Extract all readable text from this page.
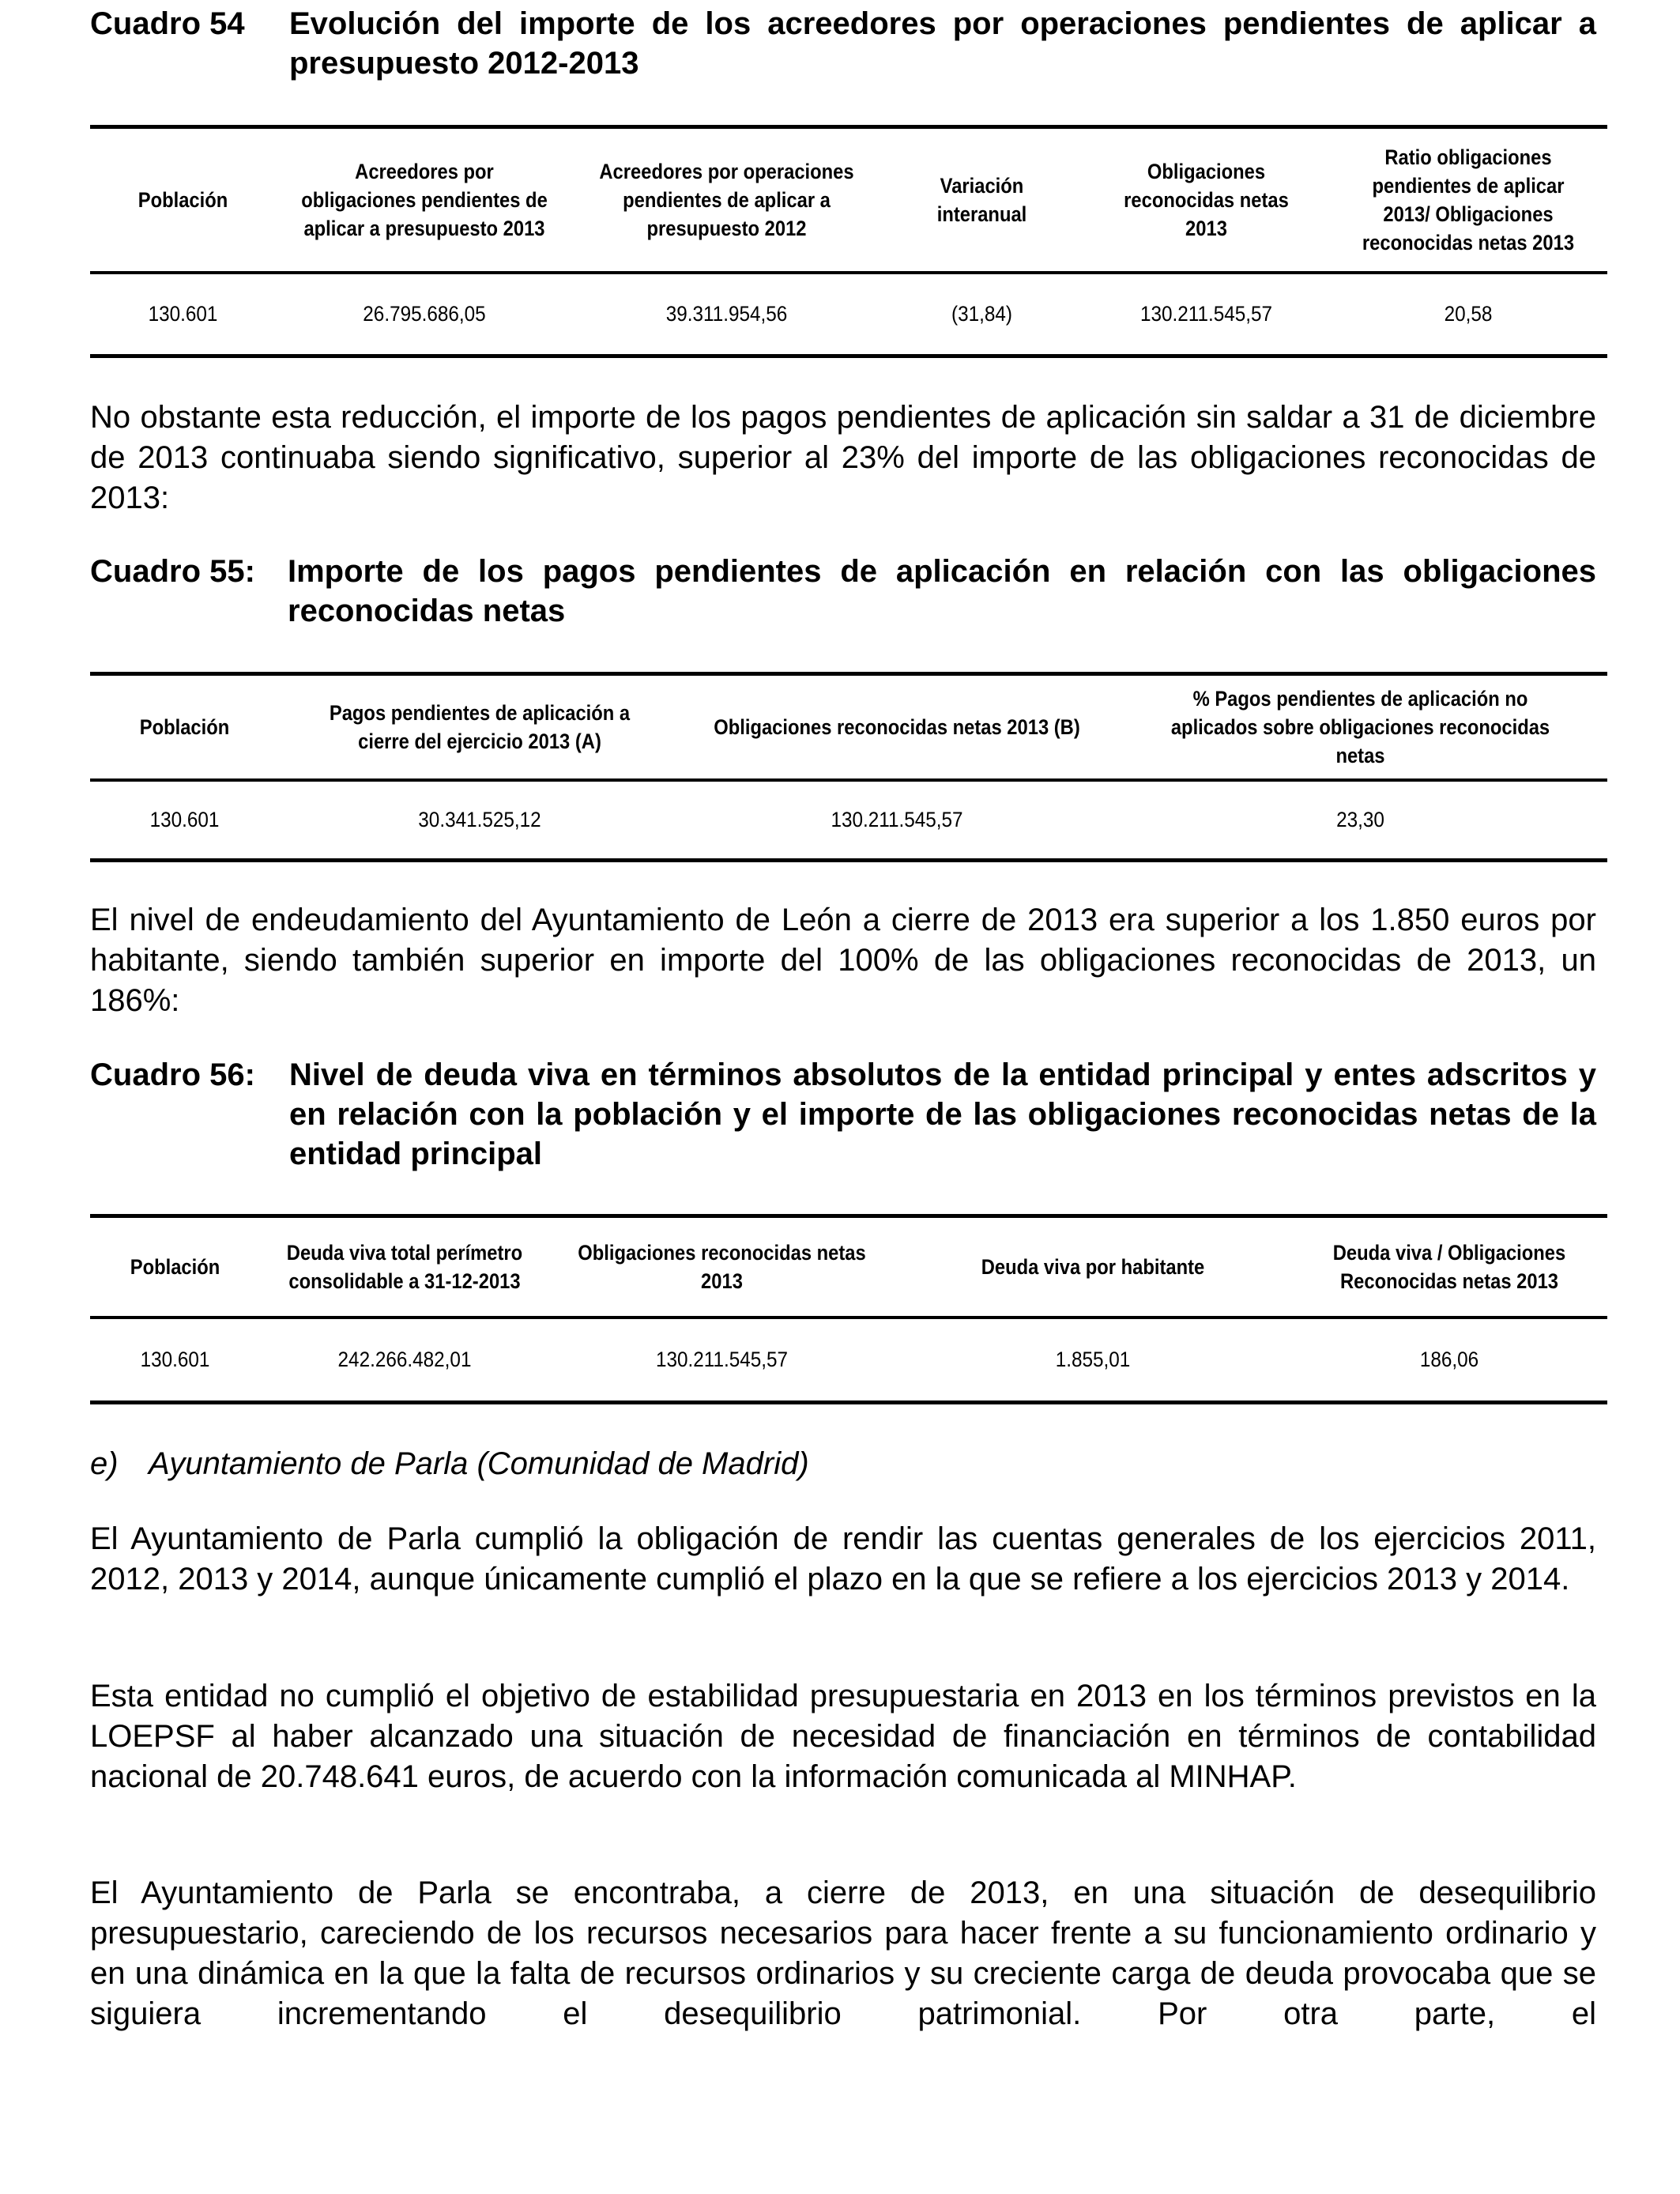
Cuadro 54 Evolución del importe de los acreedores por operaciones pendientes de aplicar a presupuesto 2012-2013
Población	Acreedores por obligaciones pendientes de aplicar a presupuesto 2013	Acreedores por operaciones pendientes de aplicar a presupuesto 2012	Variación interanual	Obligaciones reconocidas netas 2013	Ratio obligaciones pendientes de aplicar 2013/ Obligaciones reconocidas netas 2013
130.601	26.795.686,05	39.311.954,56	(31,84)	130.211.545,57	20,58
No obstante esta reducción, el importe de los pagos pendientes de aplicación sin saldar a 31 de diciembre de 2013 continuaba siendo significativo, superior al 23% del importe de las obligaciones reconocidas de 2013:
Cuadro 55: Importe de los pagos pendientes de aplicación en relación con las obligaciones reconocidas netas
Población	Pagos pendientes de aplicación a cierre del ejercicio 2013 (A)	Obligaciones reconocidas netas 2013 (B)	% Pagos pendientes de aplicación no aplicados sobre obligaciones reconocidas netas
130.601	30.341.525,12	130.211.545,57	23,30
El nivel de endeudamiento del Ayuntamiento de León a cierre de 2013 era superior a los 1.850 euros por habitante, siendo también superior en importe del 100% de las obligaciones reconocidas de 2013, un 186%:
Cuadro 56: Nivel de deuda viva en términos absolutos de la entidad principal y entes adscritos y en relación con la población y el importe de las obligaciones reconocidas netas de la entidad principal
Población	Deuda viva total perímetro consolidable a 31-12-2013	Obligaciones reconocidas netas 2013	Deuda viva por habitante	Deuda viva / Obligaciones Reconocidas netas 2013
130.601	242.266.482,01	130.211.545,57	1.855,01	186,06
e) Ayuntamiento de Parla (Comunidad de Madrid)
El Ayuntamiento de Parla cumplió la obligación de rendir las cuentas generales de los ejercicios 2011, 2012, 2013 y 2014, aunque únicamente cumplió el plazo en la que se refiere a los ejercicios 2013 y 2014.
Esta entidad no cumplió el objetivo de estabilidad presupuestaria en 2013 en los términos previstos en la LOEPSF al haber alcanzado una situación de necesidad de financiación en términos de contabilidad nacional de 20.748.641 euros, de acuerdo con la información comunicada al MINHAP.
El Ayuntamiento de Parla se encontraba, a cierre de 2013, en una situación de desequilibrio presupuestario, careciendo de los recursos necesarios para hacer frente a su funcionamiento ordinario y en una dinámica en la que la falta de recursos ordinarios y su creciente carga de deuda provocaba que se siguiera incrementando el desequilibrio patrimonial. Por otra parte, el
